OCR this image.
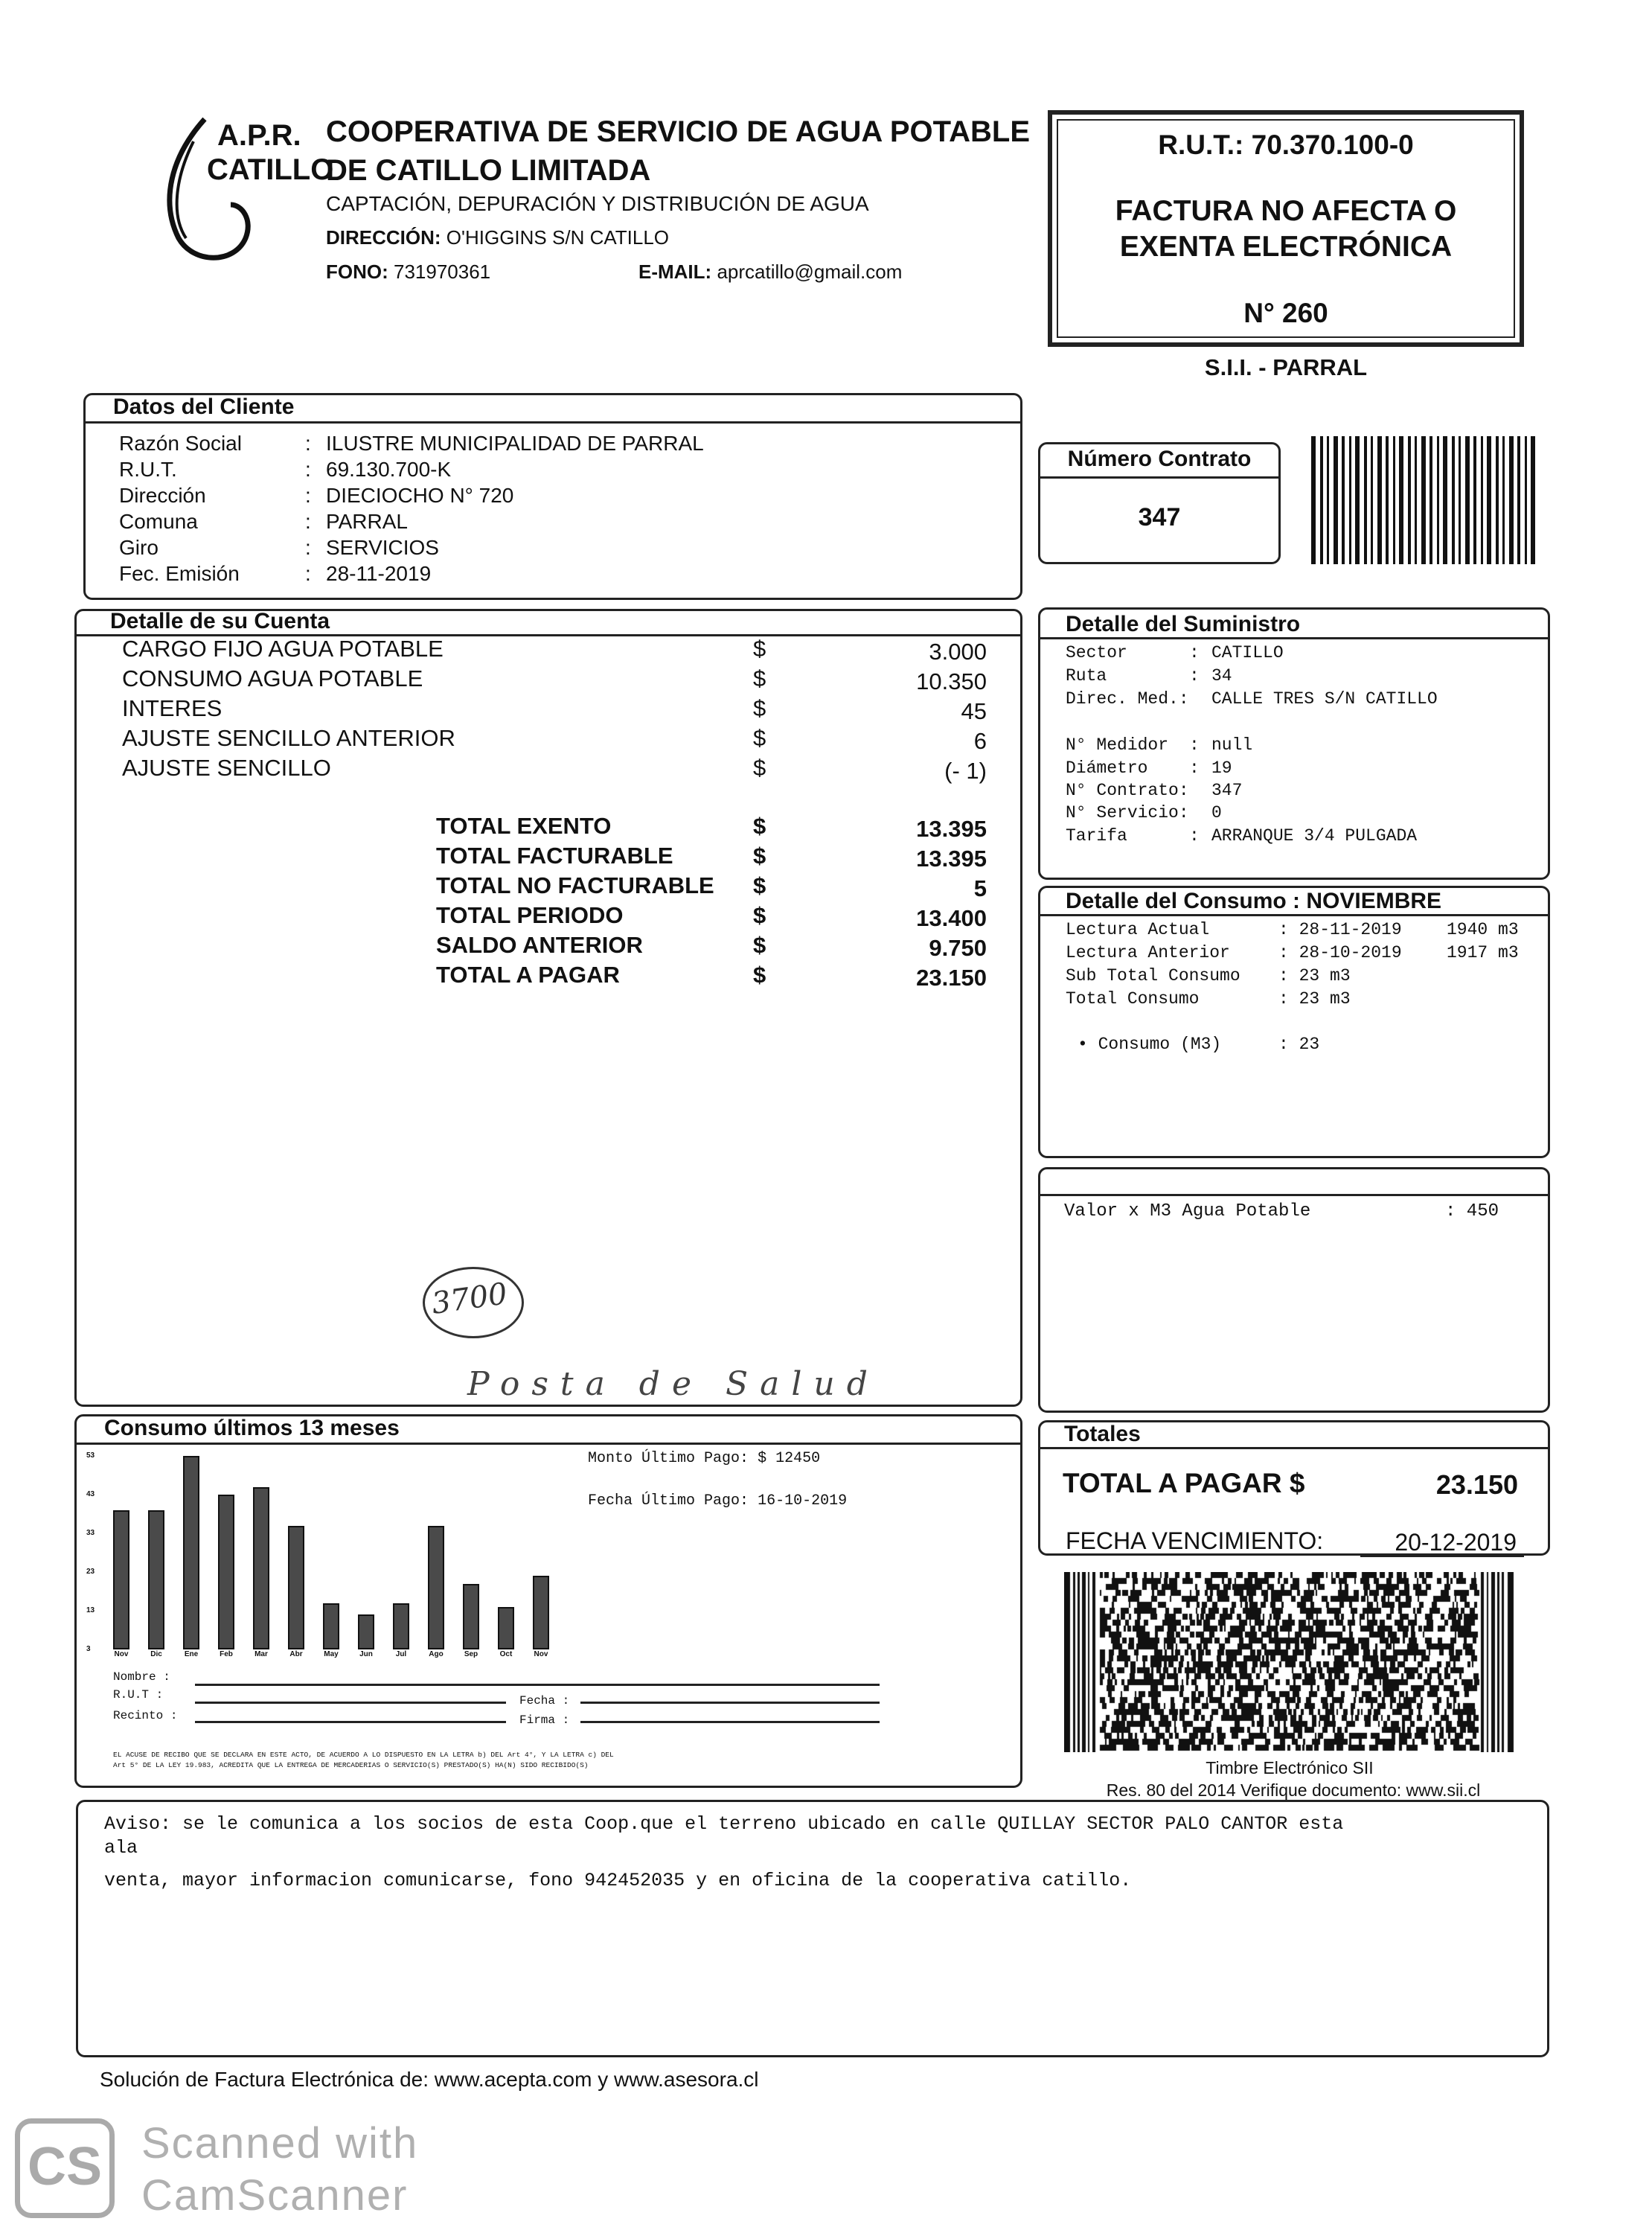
A.P.R.
CATILLO
COOPERATIVA DE SERVICIO DE AGUA POTABLE
DE CATILLO LIMITADA
CAPTACIÓN, DEPURACIÓN Y DISTRIBUCIÓN DE AGUA
DIRECCIÓN: O'HIGGINS S/N CATILLO
FONO: 731970361	E-MAIL: aprcatillo@gmail.com
R.U.T.: 70.370.100-0
FACTURA NO AFECTA O
EXENTA ELECTRÓNICA
N° 260
S.I.I. - PARRAL
Datos del Cliente
Razón Social	: ILUSTRE MUNICIPALIDAD DE PARRAL
R.U.T.	: 69.130.700-K
Dirección	: DIECIOCHO N° 720
Comuna	: PARRAL
Giro	: SERVICIOS
Fec. Emisión	: 28-11-2019
Número Contrato
347
Detalle de su Cuenta
CARGO FIJO AGUA POTABLE	$	3.000
CONSUMO AGUA POTABLE	$	10.350
INTERES	$	45
AJUSTE SENCILLO ANTERIOR	$	6
AJUSTE SENCILLO	$	(- 1)
TOTAL EXENTO	$	13.395
TOTAL FACTURABLE	$	13.395
TOTAL NO FACTURABLE $	5
TOTAL PERIODO	$	13.400
SALDO ANTERIOR	$	9.750
TOTAL A PAGAR	$	23.150
3700
Posta de Salud
Detalle del Suministro
Sector	: CATILLO
Ruta	: 34
Direc. Med.: CALLE TRES S/N CATILLO
N° Medidor : null
Diámetro : 19
N° Contrato: 347
N° Servicio: 0
Tarifa	: ARRANQUE 3/4 PULGADA
Detalle del Consumo : NOVIEMBRE
Lectura Actual	: 28-11-2019	1940 m3
Lectura Anterior	: 28-10-2019	1917 m3
Sub Total Consumo : 23 m3
Total Consumo	: 23 m3
• Consumo (M3)	: 23
Valor x M3 Agua Potable	: 450
Consumo últimos 13 meses
53
43
33
23
13
3
Nov	Dic	Ene	Feb	Mar	Abr	May	Jun	Jul	Ago	Sep	Oct	Nov
Monto Último Pago: $ 12450
Fecha Último Pago: 16-10-2019
Nombre :
R.U.T :	Fecha :
Recinto :	Firma :
EL ACUSE DE RECIBO QUE SE DECLARA EN ESTE ACTO, DE ACUERDO A LO DISPUESTO EN LA LETRA b) DEL Art 4°, Y LA LETRA c) DEL
Art 5° DE LA LEY 19.983, ACREDITA QUE LA ENTREGA DE MERCADERIAS O SERVICIO(S) PRESTADO(S) HA(N) SIDO RECIBIDO(S)
Totales
TOTAL A PAGAR $	23.150
FECHA VENCIMIENTO:	20-12-2019
Timbre Electrónico SII
Res. 80 del 2014 Verifique documento: www.sii.cl
Aviso: se le comunica a los socios de esta Coop.que el terreno ubicado en calle QUILLAY SECTOR PALO CANTOR esta
ala
venta, mayor informacion comunicarse, fono 942452035 y en oficina de la cooperativa catillo.
Solución de Factura Electrónica de: www.acepta.com y www.asesora.cl
CS Scanned with
CamScanner
